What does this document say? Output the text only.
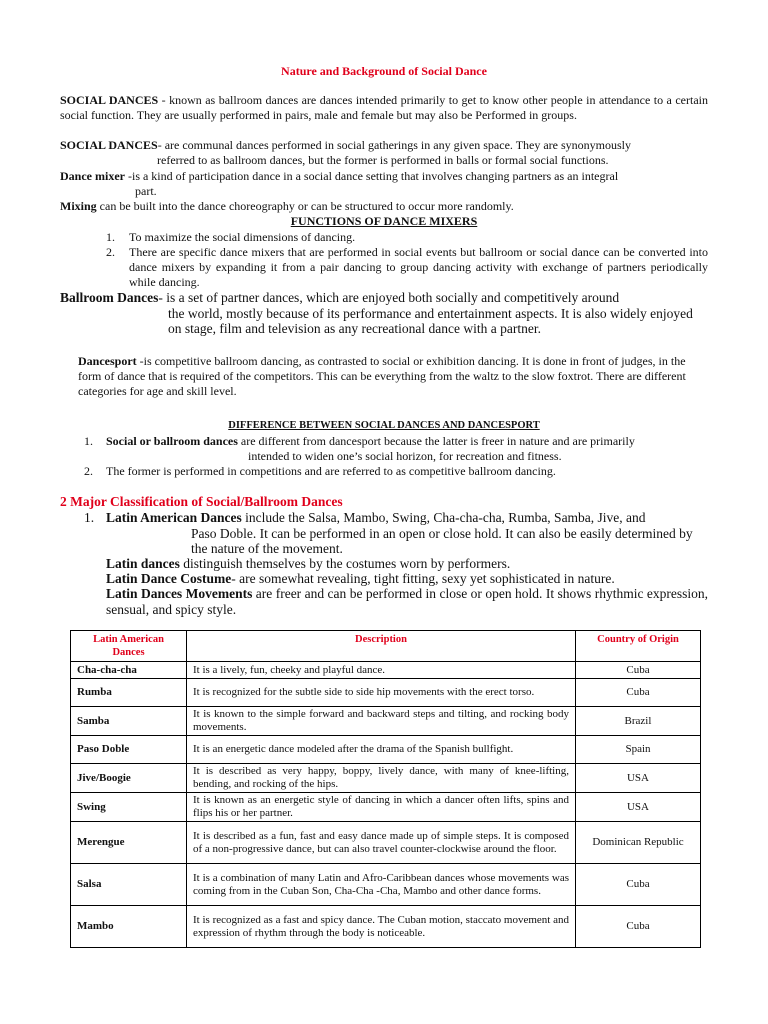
Nature and Background of Social Dance
SOCIAL DANCES - known as ballroom dances are dances intended primarily to get to know other people in attendance to a certain social function. They are usually performed in pairs, male and female but may also be Performed in groups.
SOCIAL DANCES- are communal dances performed in social gatherings in any given space. They are synonymously
referred to as ballroom dances, but the former is performed in balls or formal social functions.
Dance mixer -is a kind of participation dance in a social dance setting that involves changing partners as an integral
part.
Mixing can be built into the dance choreography or can be structured to occur more randomly.
FUNCTIONS OF DANCE MIXERS
1.	To maximize the social dimensions of dancing.
2.	There are specific dance mixers that are performed in social events but ballroom or social dance can be converted into dance mixers by expanding it from a pair dancing to group dancing activity with exchange of partners periodically while dancing.
Ballroom Dances- is a set of partner dances, which are enjoyed both socially and competitively around
the world, mostly because of its performance and entertainment aspects. It is also widely enjoyed on stage, film and television as any recreational dance with a partner.
Dancesport -is competitive ballroom dancing, as contrasted to social or exhibition dancing. It is done in front of judges, in the form of dance that is required of the competitors. This can be everything from the waltz to the slow foxtrot. There are different categories for age and skill level.
DIFFERENCE BETWEEN SOCIAL DANCES AND DANCESPORT
1.	Social or ballroom dances are different from dancesport because the latter is freer in nature and are primarily

intended to widen one’s social horizon, for recreation and fitness.
2.	The former is performed in competitions and are referred to as competitive ballroom dancing.
2 Major Classification of Social/Ballroom Dances
1. Latin American Dances include the Salsa, Mambo, Swing, Cha-cha-cha, Rumba, Samba, Jive, and
Paso Doble. It can be performed in an open or close hold. It can also be easily determined by the nature of the movement.
Latin dances distinguish themselves by the costumes worn by performers.
Latin Dance Costume- are somewhat revealing, tight fitting, sexy yet sophisticated in nature.
Latin Dances Movements are freer and can be performed in close or open hold. It shows rhythmic expression, sensual, and spicy style.
Latin American Dances	Description	Country of Origin
Cha-cha-cha	It is a lively, fun, cheeky and playful dance.	Cuba
Rumba	It is recognized for the subtle side to side hip movements with the erect torso.	Cuba
Samba	It is known to the simple forward and backward steps and tilting, and rocking body movements.	Brazil
Paso Doble	It is an energetic dance modeled after the drama of the Spanish bullfight.	Spain
Jive/Boogie	It is described as very happy, boppy, lively dance, with many of knee-lifting, bending, and rocking of the hips.	USA
Swing	It is known as an energetic style of dancing in which a dancer often lifts, spins and flips his or her partner.	USA
Merengue	It is described as a fun, fast and easy dance made up of simple steps. It is composed of a non-progressive dance, but can also travel counter-clockwise around the floor.	Dominican Republic
Salsa	It is a combination of many Latin and Afro-Caribbean dances whose movements was coming from in the Cuban Son, Cha-Cha -Cha, Mambo and other dance forms.	Cuba
Mambo	It is recognized as a fast and spicy dance. The Cuban motion, staccato movement and expression of rhythm through the body is noticeable.	Cuba
